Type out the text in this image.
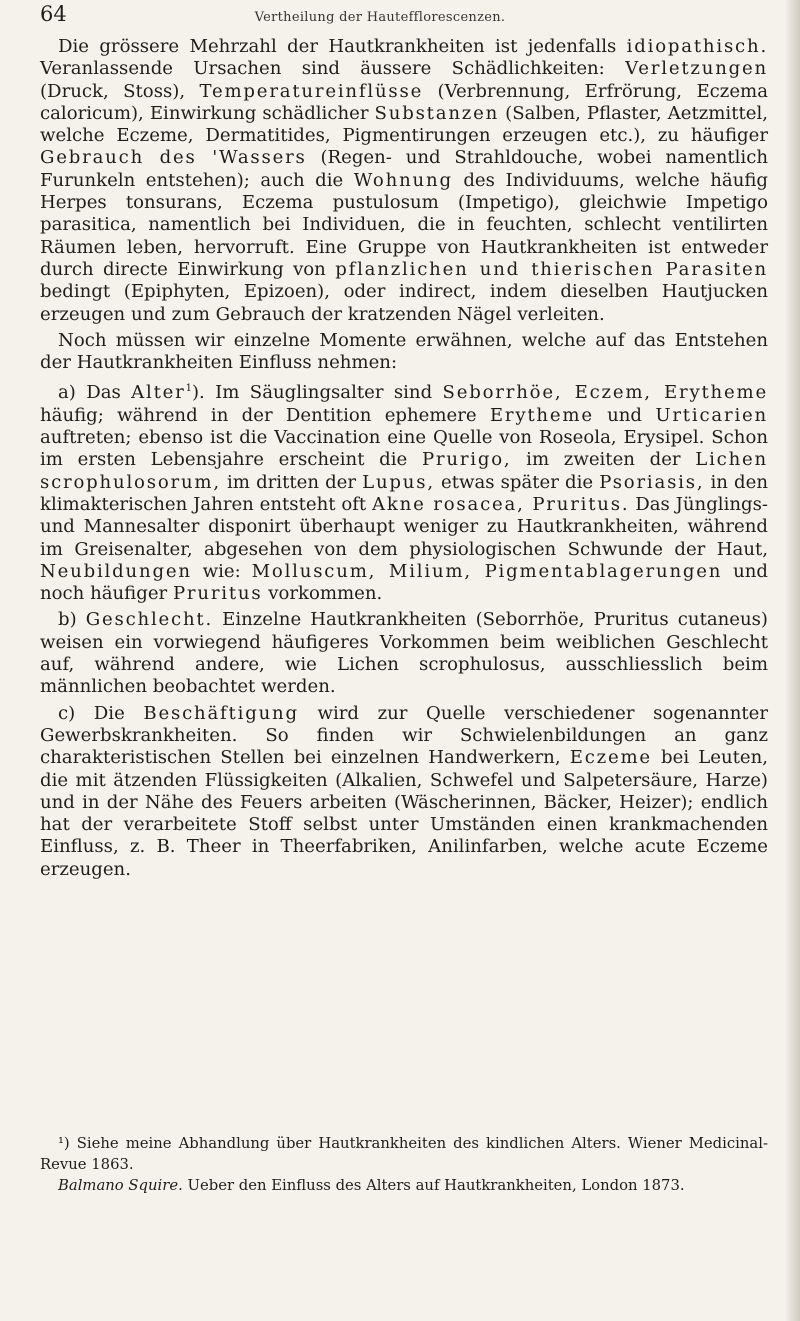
64	Vertheilung der Hautefflorescenzen.

Die grössere Mehrzahl der Hautkrankheiten ist jedenfalls idiopathisch. Veranlassende Ursachen sind äussere Schädlichkeiten: Verletzungen (Druck, Stoss), Temperatureinflüsse (Verbrennung, Erfrörung, Eczema caloricum), Einwirkung schädlicher Substanzen (Salben, Pflaster, Aetzmittel, welche Eczeme, Dermatitides, Pigmentirungen erzeugen etc.), zu häufiger Gebrauch des 'Wassers (Regen- und Strahldouche, wobei namentlich Furunkeln entstehen); auch die Wohnung des Individuums, welche häufig Herpes tonsurans, Eczema pustulosum (Impetigo), gleichwie Impetigo parasitica, namentlich bei Individuen, die in feuchten, schlecht ventilirten Räumen leben, hervorruft. Eine Gruppe von Hautkrankheiten ist entweder durch directe Einwirkung von pflanzlichen und thierischen Parasiten bedingt (Epiphyten, Epizoen), oder indirect, indem dieselben Hautjucken erzeugen und zum Gebrauch der kratzenden Nägel verleiten.

Noch müssen wir einzelne Momente erwähnen, welche auf das Entstehen der Hautkrankheiten Einfluss nehmen:

a) Das Alter$^1$). Im Säuglingsalter sind Seborrhöe, Eczem, Erytheme häufig; während in der Dentition ephemere Erytheme und Urticarien auftreten; ebenso ist die Vaccination eine Quelle von Roseola, Erysipel. Schon im ersten Lebensjahre erscheint die Prurigo, im zweiten der Lichen scrophulosorum, im dritten der Lupus, etwas später die Psoriasis, in den klimakterischen Jahren entsteht oft Akne rosacea, Pruritus. Das Jünglings- und Mannesalter disponirt überhaupt weniger zu Hautkrankheiten, während im Greisenalter, abgesehen von dem physiologischen Schwunde der Haut, Neubildungen wie: Molluscum, Milium, Pigmentablagerungen und noch häufiger Pruritus vorkommen.

b) Geschlecht. Einzelne Hautkrankheiten (Seborrhöe, Pruritus cutaneus) weisen ein vorwiegend häufigeres Vorkommen beim weiblichen Geschlecht auf, während andere, wie Lichen scrophulosus, ausschliesslich beim männlichen beobachtet werden.

c) Die Beschäftigung wird zur Quelle verschiedener sogenannter Gewerbskrankheiten. So finden wir Schwielenbildungen an ganz charakteristischen Stellen bei einzelnen Handwerkern, Eczeme bei Leuten, die mit ätzenden Flüssigkeiten (Alkalien, Schwefel und Salpetersäure, Harze) und in der Nähe des Feuers arbeiten (Wäscherinnen, Bäcker, Heizer); endlich hat der verarbeitete Stoff selbst unter Umständen einen krankmachenden Einfluss, z. B. Theer in Theerfabriken, Anilinfarben, welche acute Eczeme erzeugen.

¹) Siehe meine Abhandlung über Hautkrankheiten des kindlichen Alters. Wiener Medicinal-Revue 1863.

Balmano Squire. Ueber den Einfluss des Alters auf Hautkrankheiten, London 1873.
